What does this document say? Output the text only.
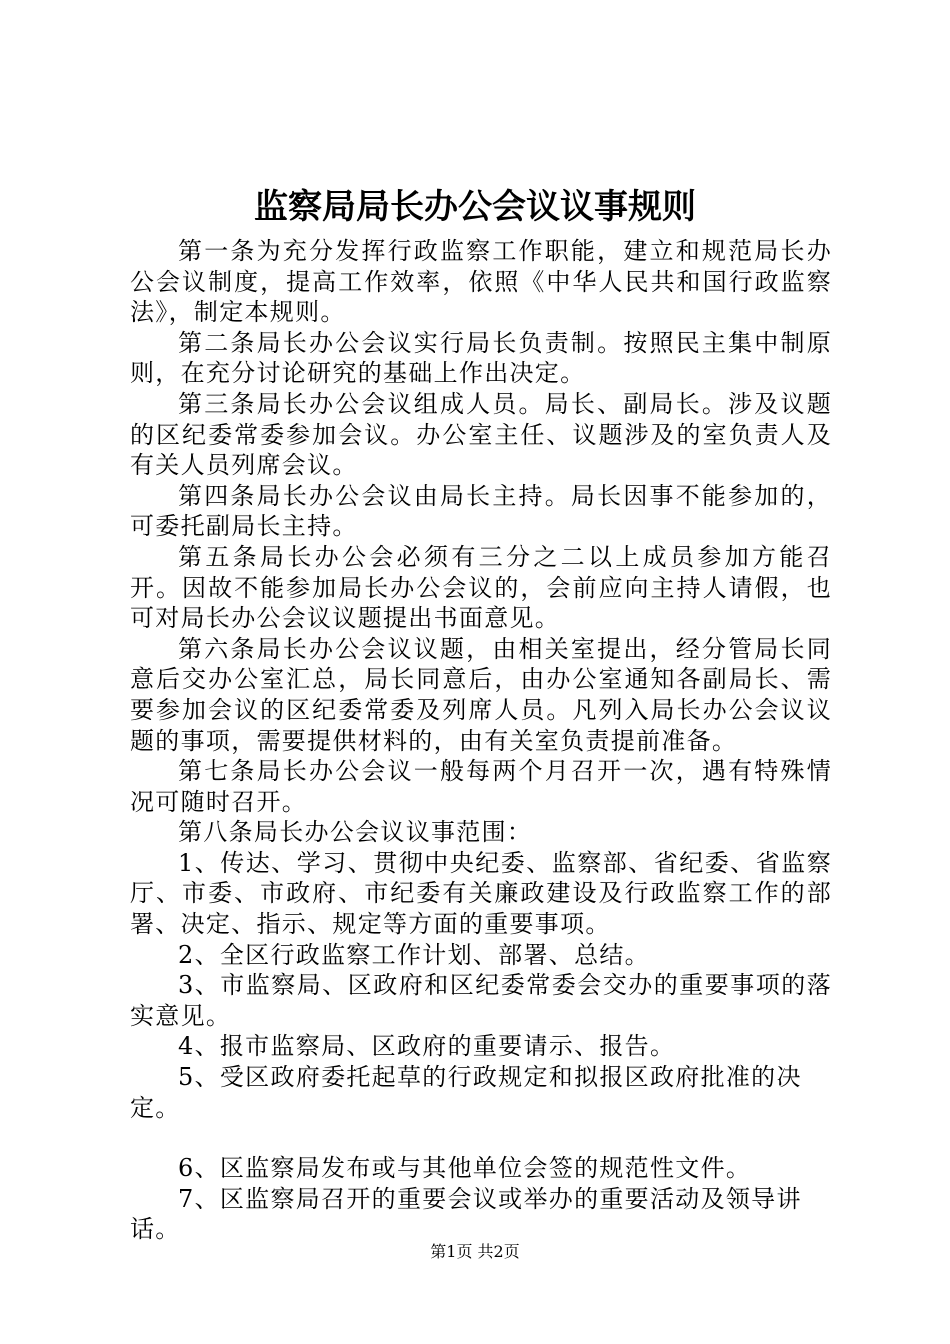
监察局局长办公会议议事规则

第一条为充分发挥行政监察工作职能，建立和规范局长办公会议制度，提高工作效率，依照《中华人民共和国行政监察法》，制定本规则。

第二条局长办公会议实行局长负责制。按照民主集中制原则，在充分讨论研究的基础上作出决定。

第三条局长办公会议组成人员。局长、副局长。涉及议题的区纪委常委参加会议。办公室主任、议题涉及的室负责人及有关人员列席会议。

第四条局长办公会议由局长主持。局长因事不能参加的，可委托副局长主持。

第五条局长办公会必须有三分之二以上成员参加方能召开。因故不能参加局长办公会议的，会前应向主持人请假，也可对局长办公会议议题提出书面意见。

第六条局长办公会议议题，由相关室提出，经分管局长同意后交办公室汇总，局长同意后，由办公室通知各副局长、需要参加会议的区纪委常委及列席人员。凡列入局长办公会议议题的事项，需要提供材料的，由有关室负责提前准备。

第七条局长办公会议一般每两个月召开一次，遇有特殊情况可随时召开。

第八条局长办公会议议事范围：

1、传达、学习、贯彻中央纪委、监察部、省纪委、省监察厅、市委、市政府、市纪委有关廉政建设及行政监察工作的部署、决定、指示、规定等方面的重要事项。

2、全区行政监察工作计划、部署、总结。

3、市监察局、区政府和区纪委常委会交办的重要事项的落实意见。

4、报市监察局、区政府的重要请示、报告。

5、受区政府委托起草的行政规定和拟报区政府批准的决定。

6、区监察局发布或与其他单位会签的规范性文件。

7、区监察局召开的重要会议或举办的重要活动及领导讲话。

第1页 共2页
